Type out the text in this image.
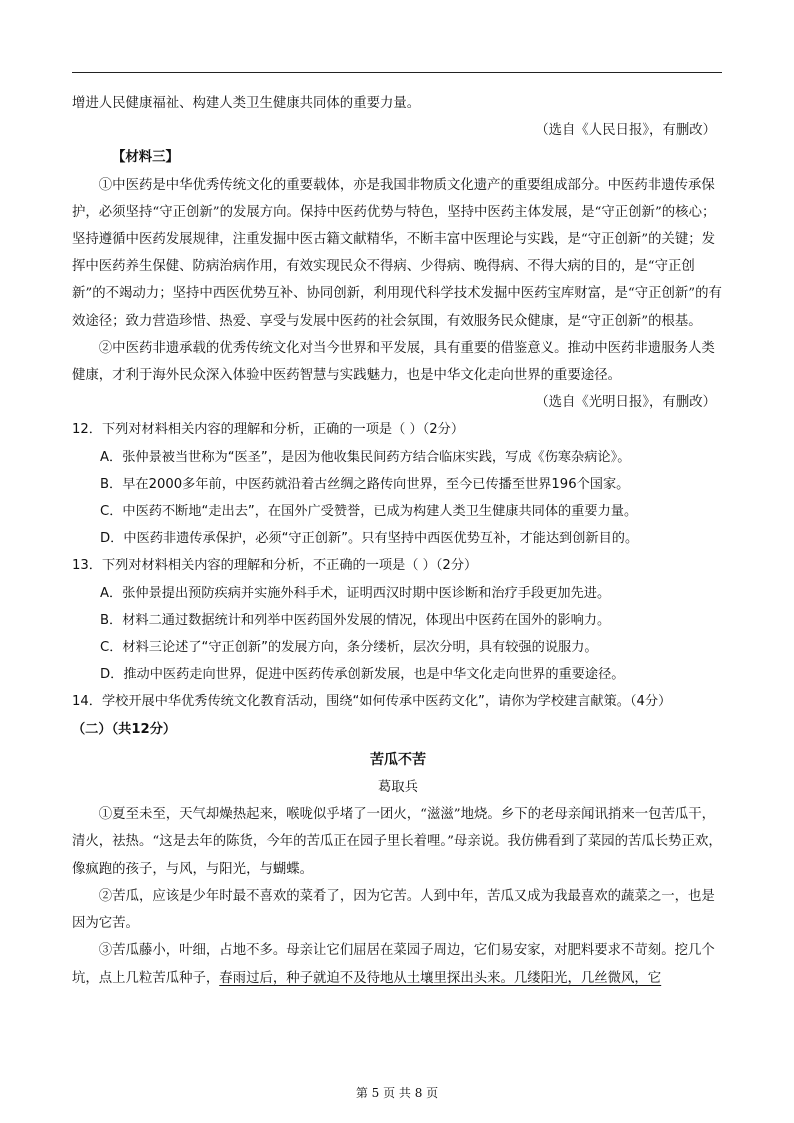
增进人民健康福祉、构建人类卫生健康共同体的重要力量。

（选自《人民日报》，有删改）

【材料三】

①中医药是中华优秀传统文化的重要载体，亦是我国非物质文化遗产的重要组成部分。中医药非遗传承保护，必须坚持“守正创新”的发展方向。保持中医药优势与特色，坚持中医药主体发展，是“守正创新”的核心；坚持遵循中医药发展规律，注重发掘中医古籍文献精华，不断丰富中医理论与实践，是“守正创新”的关键；发挥中医药养生保健、防病治病作用，有效实现民众不得病、少得病、晚得病、不得大病的目的，是“守正创新”的不竭动力；坚持中西医优势互补、协同创新，利用现代科学技术发掘中医药宝库财富，是“守正创新”的有效途径；致力营造珍惜、热爱、享受与发展中医药的社会氛围，有效服务民众健康，是“守正创新”的根基。

②中医药非遗承载的优秀传统文化对当今世界和平发展，具有重要的借鉴意义。推动中医药非遗服务人类健康，才利于海外民众深入体验中医药智慧与实践魅力，也是中华文化走向世界的重要途径。

（选自《光明日报》，有删改）

12．下列对材料相关内容的理解和分析，正确的一项是（ ）（2分）

A．张仲景被当世称为“医圣”，是因为他收集民间药方结合临床实践，写成《伤寒杂病论》。

B．早在2000多年前，中医药就沿着古丝绸之路传向世界，至今已传播至世界196个国家。

C．中医药不断地“走出去”，在国外广受赞誉，已成为构建人类卫生健康共同体的重要力量。

D．中医药非遗传承保护，必须“守正创新”。只有坚持中西医优势互补，才能达到创新目的。

13．下列对材料相关内容的理解和分析，不正确的一项是（ ）（2分）

A．张仲景提出预防疾病并实施外科手术，证明西汉时期中医诊断和治疗手段更加先进。

B．材料二通过数据统计和列举中医药国外发展的情况，体现出中医药在国外的影响力。

C．材料三论述了“守正创新”的发展方向，条分缕析，层次分明，具有较强的说服力。

D．推动中医药走向世界，促进中医药传承创新发展，也是中华文化走向世界的重要途径。

14．学校开展中华优秀传统文化教育活动，围绕“如何传承中医药文化”，请你为学校建言献策。（4分）

（二）（共12分）

苦瓜不苦

葛取兵

①夏至未至，天气却燥热起来，喉咙似乎堵了一团火，“滋滋”地烧。乡下的老母亲闻讯捎来一包苦瓜干，清火，祛热。“这是去年的陈货，今年的苦瓜正在园子里长着哩。”母亲说。我仿佛看到了菜园的苦瓜长势正欢，像疯跑的孩子，与风，与阳光，与蝴蝶。

②苦瓜，应该是少年时最不喜欢的菜肴了，因为它苦。人到中年，苦瓜又成为我最喜欢的蔬菜之一，也是因为它苦。

③苦瓜藤小，叶细，占地不多。母亲让它们屈居在菜园子周边，它们易安家，对肥料要求不苛刻。挖几个坑，点上几粒苦瓜种子，春雨过后，种子就迫不及待地从土壤里探出头来。几缕阳光，几丝微风，它

第 5 页 共 8 页
